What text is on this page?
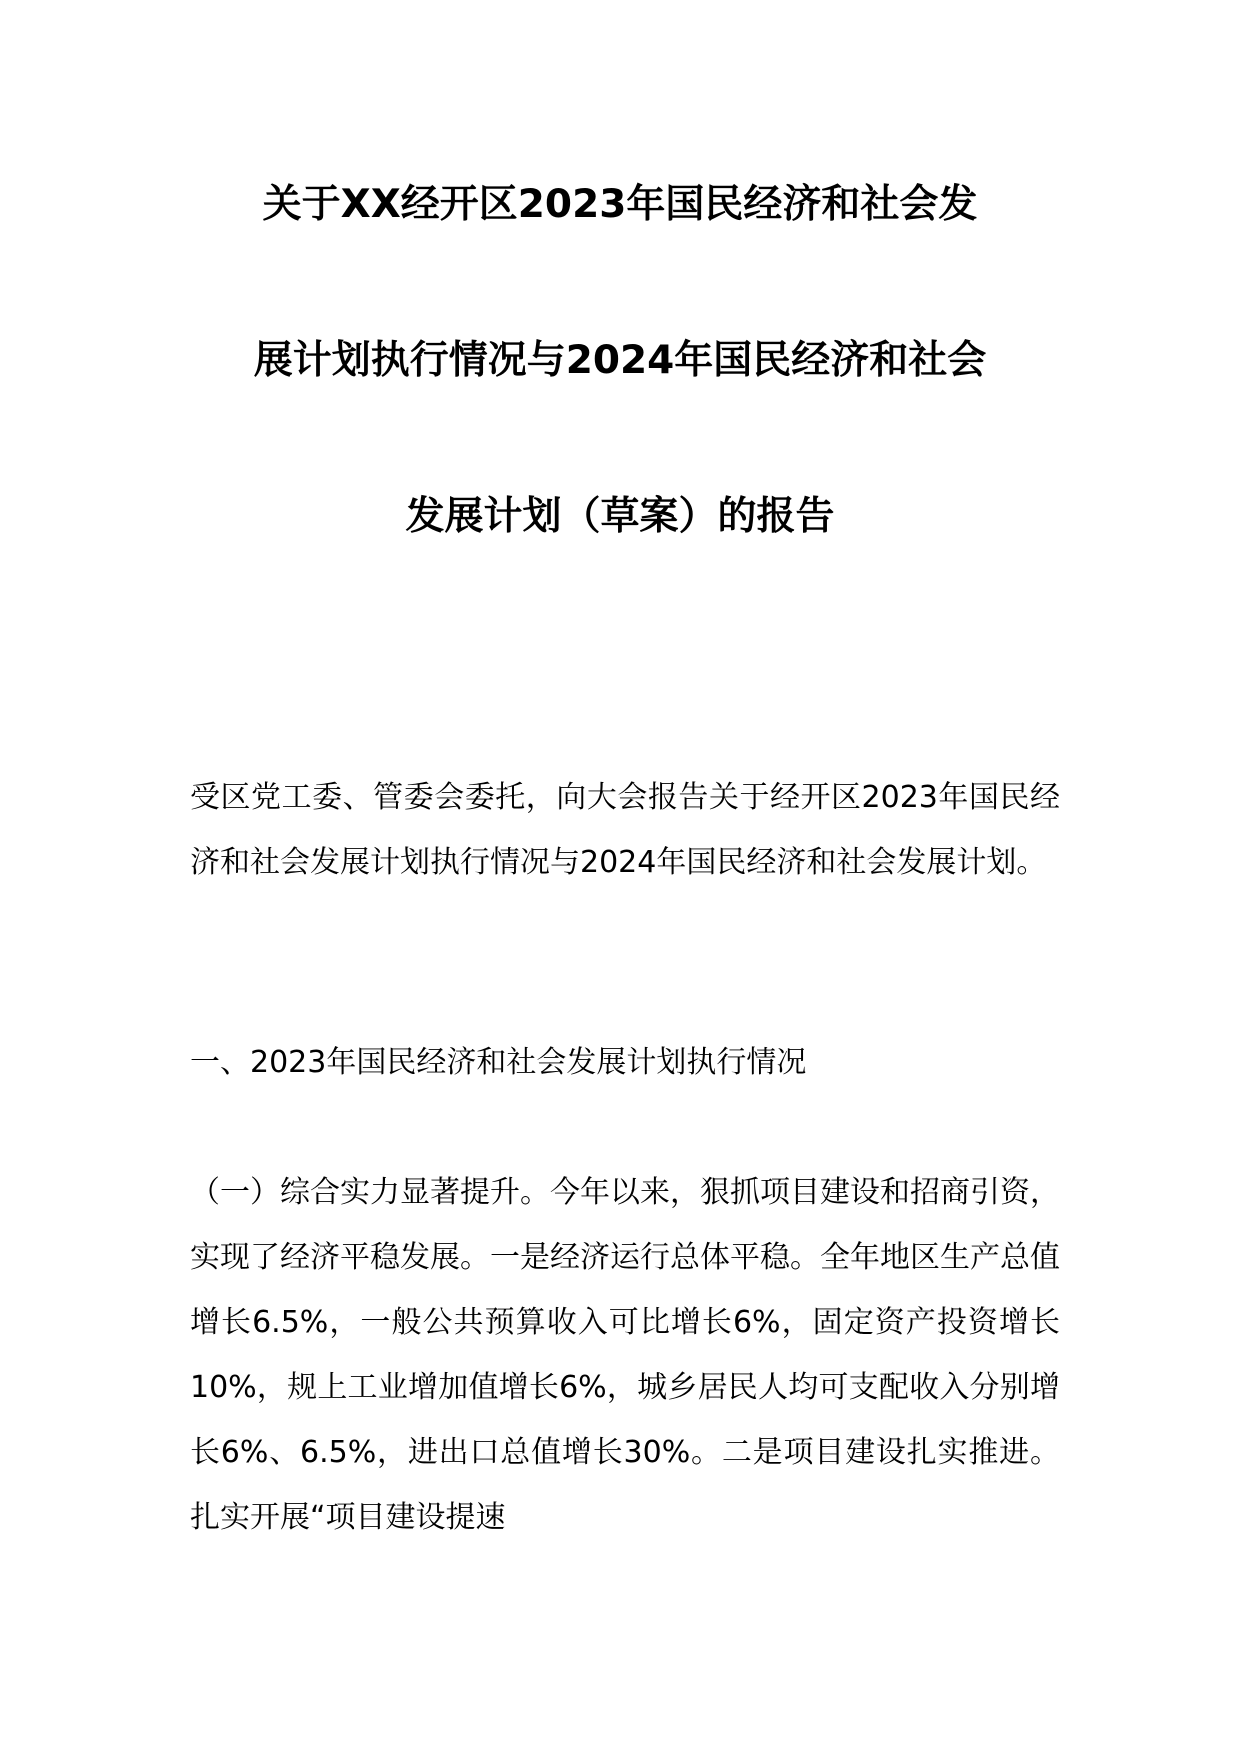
关于XX经开区2023年国民经济和社会发
展计划执行情况与2024年国民经济和社会
发展计划（草案）的报告

受区党工委、管委会委托，向大会报告关于经开区2023年国民经济和社会发展计划执行情况与2024年国民经济和社会发展计划。

一、2023年国民经济和社会发展计划执行情况

（一）综合实力显著提升。今年以来，狠抓项目建设和招商引资，实现了经济平稳发展。一是经济运行总体平稳。全年地区生产总值增长6.5%，一般公共预算收入可比增长6%，固定资产投资增长10%，规上工业增加值增长6%，城乡居民人均可支配收入分别增长6%、6.5%，进出口总值增长30%。二是项目建设扎实推进。扎实开展“项目建设提速
